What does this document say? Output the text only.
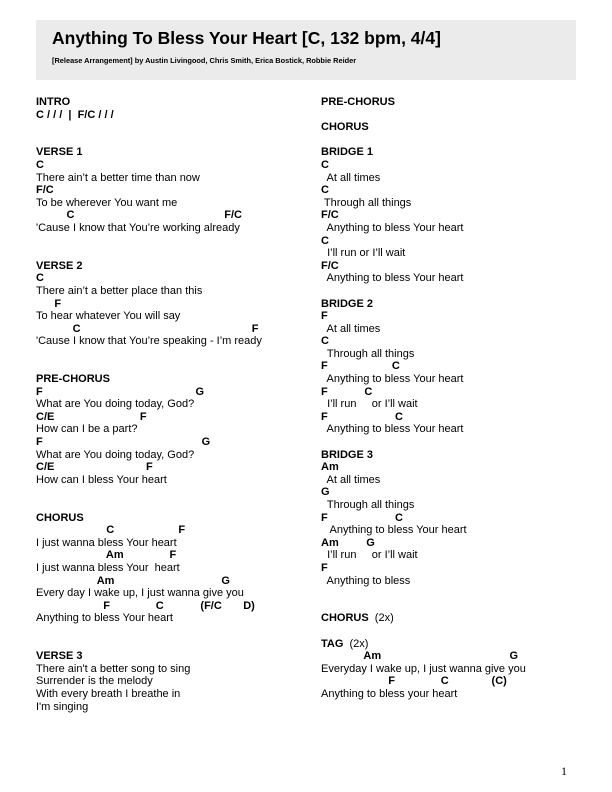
Anything To Bless Your Heart [C, 132 bpm, 4/4]
[Release Arrangement] by Austin Livingood, Chris Smith, Erica Bostick, Robbie Reider
INTRO
C / / /  |  F/C / / /
VERSE 1
C
There ain’t a better time than now
F/C
To be wherever You want me
C                                                 F/C
'Cause I know that You’re working already
VERSE 2
C
There ain’t a better place than this
F
To hear whatever You will say
C                                                        F
'Cause I know that You’re speaking - I’m ready
PRE-CHORUS
F                                                  G
What are You doing today, God?
C/E                            F
How can I be a part?
F                                                    G
What are You doing today, God?
C/E                              F
How can I bless Your heart
CHORUS
C                     F
I just wanna bless Your heart
Am               F
I just wanna bless Your  heart
Am                                   G
Every day I wake up, I just wanna give you
F               C            (F/C       D)
Anything to bless Your heart
VERSE 3
There ain't a better song to sing
Surrender is the melody
With every breath I breathe in
I'm singing
PRE-CHORUS
CHORUS
BRIDGE 1
C
At all times
C
Through all things
F/C
Anything to bless Your heart
C
I’ll run or I’ll wait
F/C
Anything to bless Your heart
BRIDGE 2
F
At all times
C
Through all things
F                     C
Anything to bless Your heart
F            C
I’ll run     or I’ll wait
F                      C
Anything to bless Your heart
BRIDGE 3
Am
At all times
G
Through all things
F                      C
Anything to bless Your heart
Am         G
I’ll run     or I’ll wait
F
Anything to bless
CHORUS  (2x)
TAG  (2x)
Am                                          G
Everyday I wake up, I just wanna give you
F               C              (C)
Anything to bless your heart
1
